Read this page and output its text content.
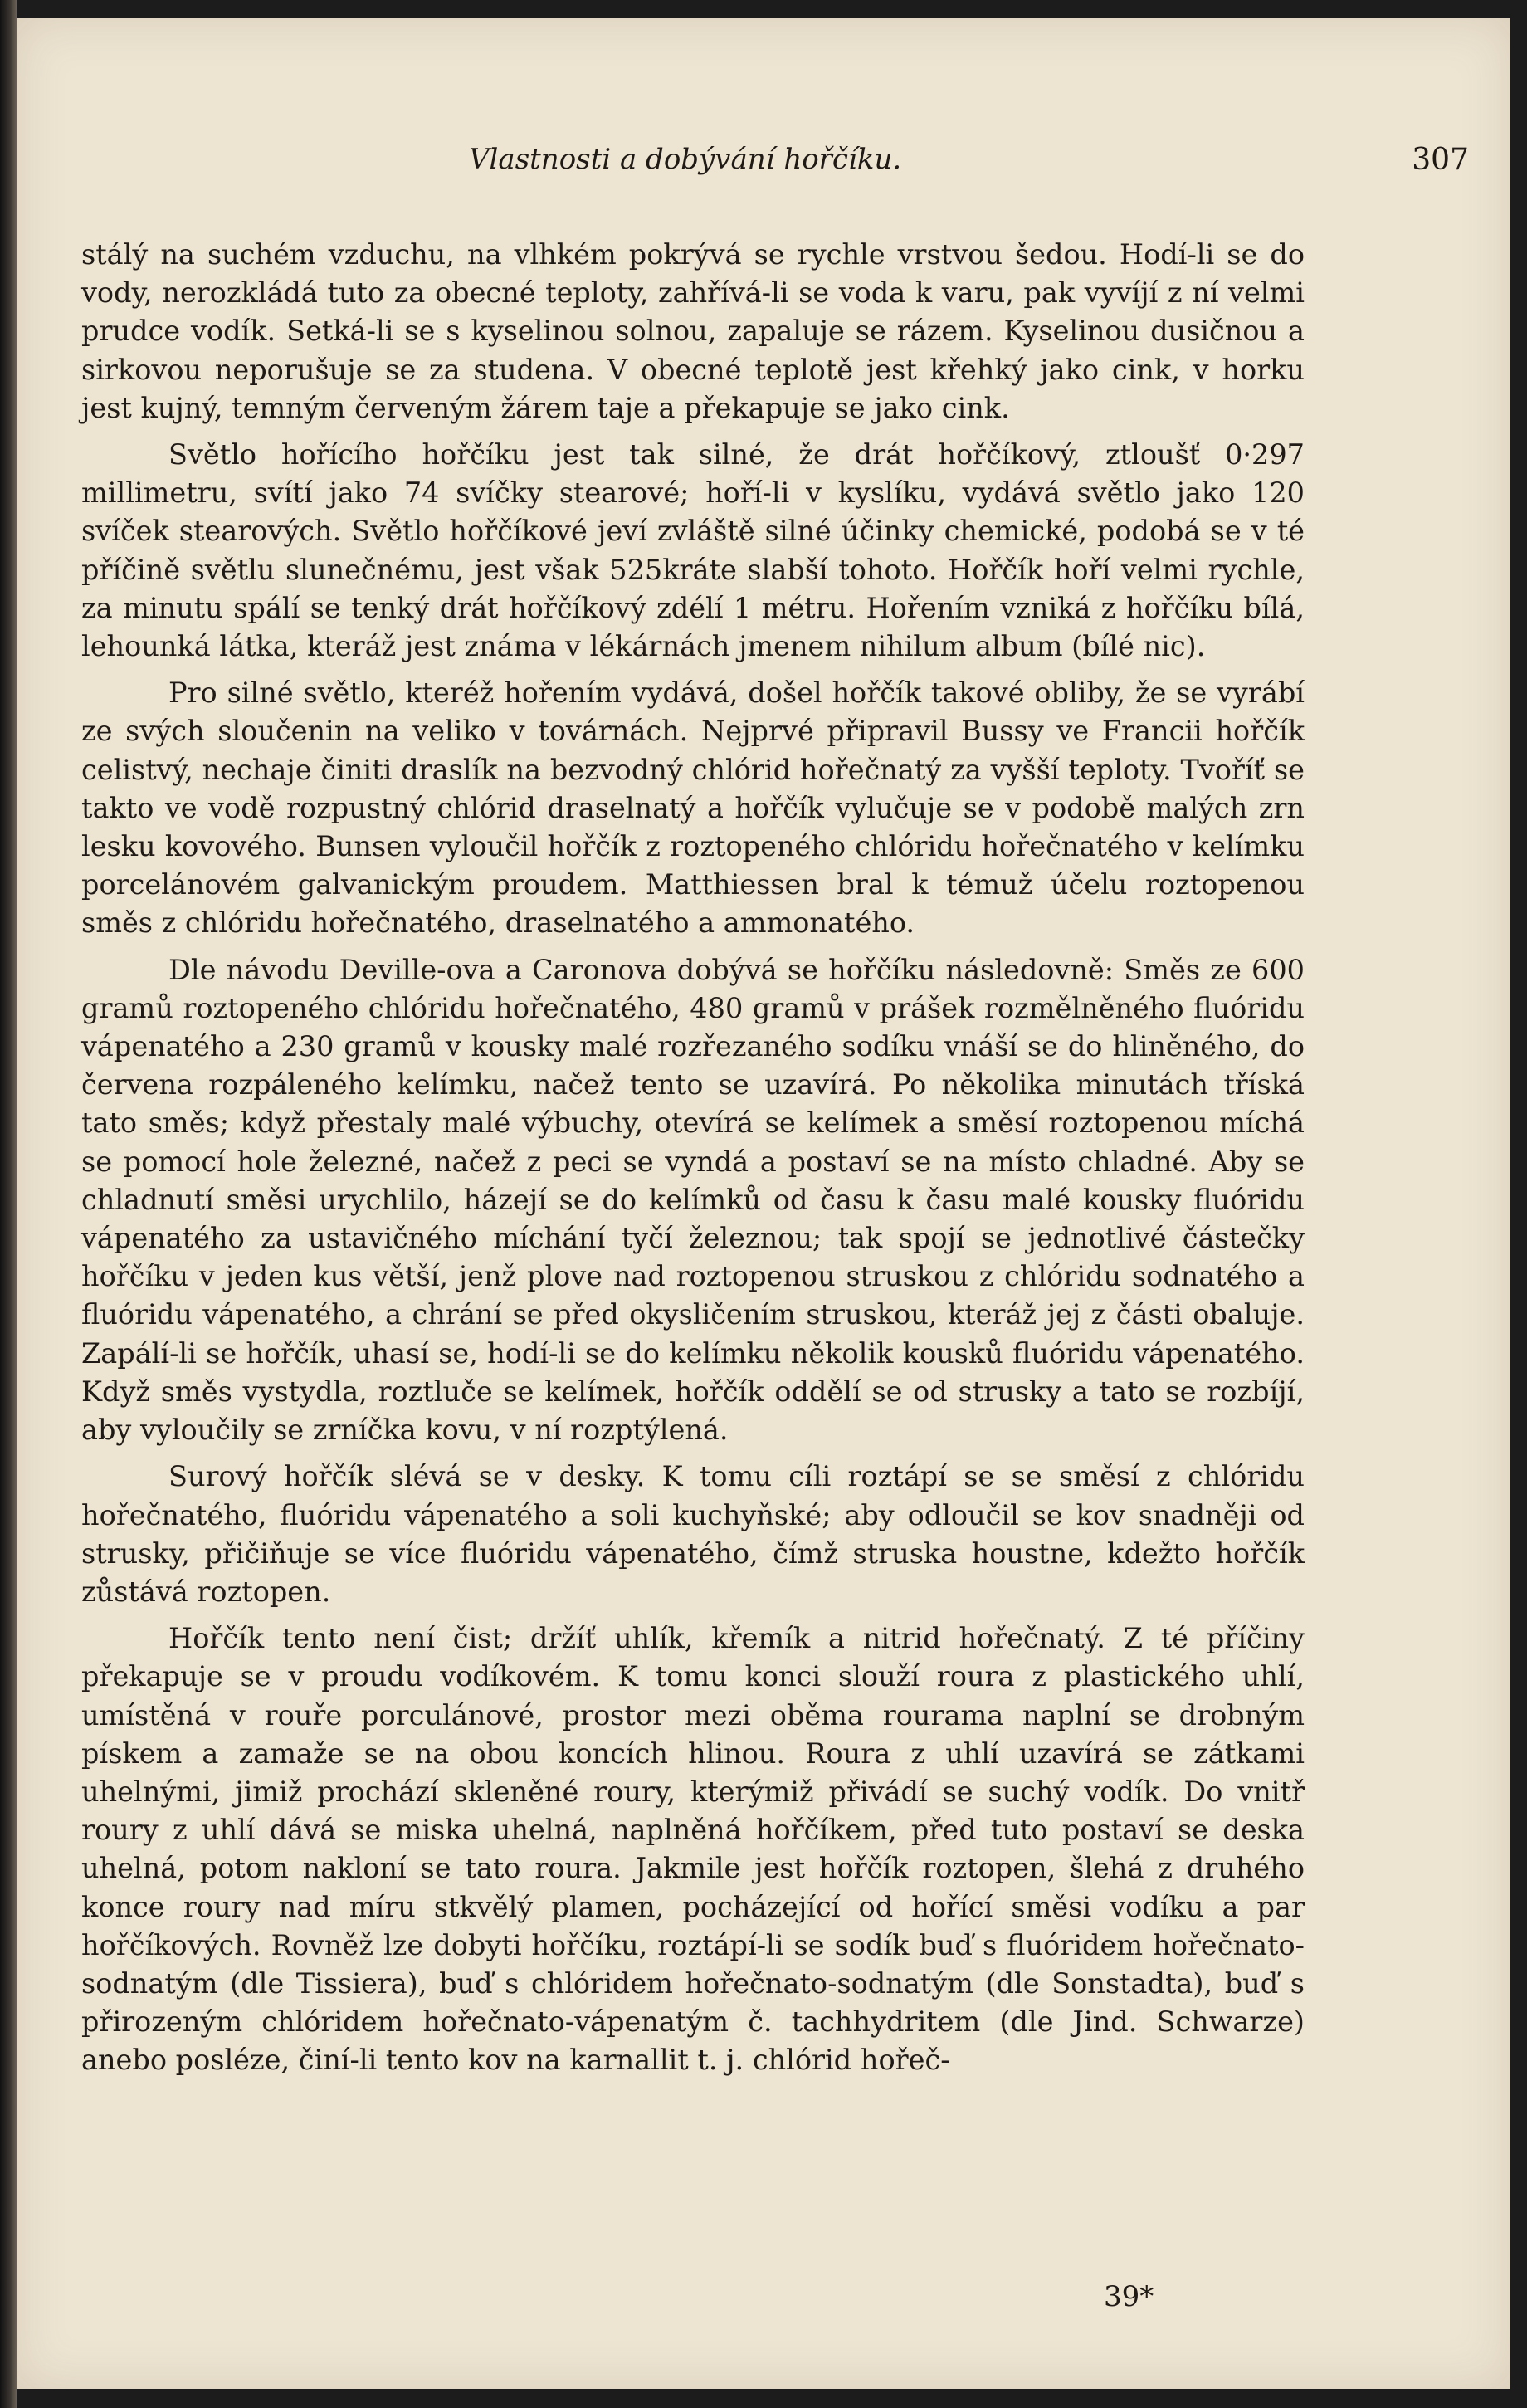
Vlastnosti a dobývání hořčíku.	307

stálý na suchém vzduchu, na vlhkém pokrývá se rychle vrstvou šedou. Hodí-li se do vody, nerozkládá tuto za obecné teploty, zahřívá-li se voda k varu, pak vyvíjí z ní velmi prudce vodík. Setká-li se s kyselinou solnou, zapaluje se rázem. Kyselinou dusičnou a sirkovou neporušuje se za studena. V obecné teplotě jest křehký jako cink, v horku jest kujný, temným červeným žárem taje a překapuje se jako cink.

Světlo hořícího hořčíku jest tak silné, že drát hořčíkový, ztloušť 0·297 millimetru, svítí jako 74 svíčky stearové; hoří-li v kyslíku, vydává světlo jako 120 svíček stearových. Světlo hořčíkové jeví zvláště silné účinky chemické, podobá se v té příčině světlu slunečnému, jest však 525kráte slabší tohoto. Hořčík hoří velmi rychle, za minutu spálí se tenký drát hořčíkový zdélí 1 métru. Hořením vzniká z hořčíku bílá, lehounká látka, kteráž jest známa v lékárnách jmenem nihilum album (bílé nic).

Pro silné světlo, kteréž hořením vydává, došel hořčík takové obliby, že se vyrábí ze svých sloučenin na veliko v továrnách. Nejprvé připravil Bussy ve Francii hořčík celistvý, nechaje činiti draslík na bezvodný chlórid hořečnatý za vyšší teploty. Tvoříť se takto ve vodě rozpustný chlórid draselnatý a hořčík vylučuje se v podobě malých zrn lesku kovového. Bunsen vyloučil hořčík z roztopeného chlóridu hořečnatého v kelímku porcelánovém galvanickým proudem. Matthiessen bral k témuž účelu roztopenou směs z chlóridu hořečnatého, draselnatého a ammonatého.

Dle návodu Deville-ova a Caronova dobývá se hořčíku následovně: Směs ze 600 gramů roztopeného chlóridu hořečnatého, 480 gramů v prášek rozmělněného fluóridu vápenatého a 230 gramů v kousky malé rozřezaného sodíku vnáší se do hliněného, do červena rozpáleného kelímku, načež tento se uzavírá. Po několika minutách tříská tato směs; když přestaly malé výbuchy, otevírá se kelímek a směsí roztopenou míchá se pomocí hole železné, načež z peci se vyndá a postaví se na místo chladné. Aby se chladnutí směsi urychlilo, házejí se do kelímků od času k času malé kousky fluóridu vápenatého za ustavičného míchání tyčí železnou; tak spojí se jednotlivé částečky hořčíku v jeden kus větší, jenž plove nad roztopenou struskou z chlóridu sodnatého a fluóridu vápenatého, a chrání se před okysličením struskou, kteráž jej z části obaluje. Zapálí-li se hořčík, uhasí se, hodí-li se do kelímku několik kousků fluóridu vápenatého. Když směs vystydla, roztluče se kelímek, hořčík oddělí se od strusky a tato se rozbíjí, aby vyloučily se zrníčka kovu, v ní rozptýlená.

Surový hořčík slévá se v desky. K tomu cíli roztápí se se směsí z chlóridu hořečnatého, fluóridu vápenatého a soli kuchyňské; aby odloučil se kov snadněji od strusky, přičiňuje se více fluóridu vápenatého, čímž struska houstne, kdežto hořčík zůstává roztopen.

Hořčík tento není čist; držíť uhlík, křemík a nitrid hořečnatý. Z té příčiny překapuje se v proudu vodíkovém. K tomu konci slouží roura z plastického uhlí, umístěná v rouře porculánové, prostor mezi oběma rourama naplní se drobným pískem a zamaže se na obou koncích hlinou. Roura z uhlí uzavírá se zátkami uhelnými, jimiž prochází skleněné roury, kterýmiž přivádí se suchý vodík. Do vnitř roury z uhlí dává se miska uhelná, naplněná hořčíkem, před tuto postaví se deska uhelná, potom nakloní se tato roura. Jakmile jest hořčík roztopen, šlehá z druhého konce roury nad míru stkvělý plamen, pocházející od hořící směsi vodíku a par hořčíkových. Rovněž lze dobyti hořčíku, roztápí-li se sodík buď s fluóridem hořečnato-sodnatým (dle Tissiera), buď s chlóridem hořečnato-sodnatým (dle Sonstadta), buď s přirozeným chlóridem hořečnato-vápenatým č. tachhydritem (dle Jind. Schwarze) anebo posléze, činí-li tento kov na karnallit t. j. chlórid hořeč-

39*
